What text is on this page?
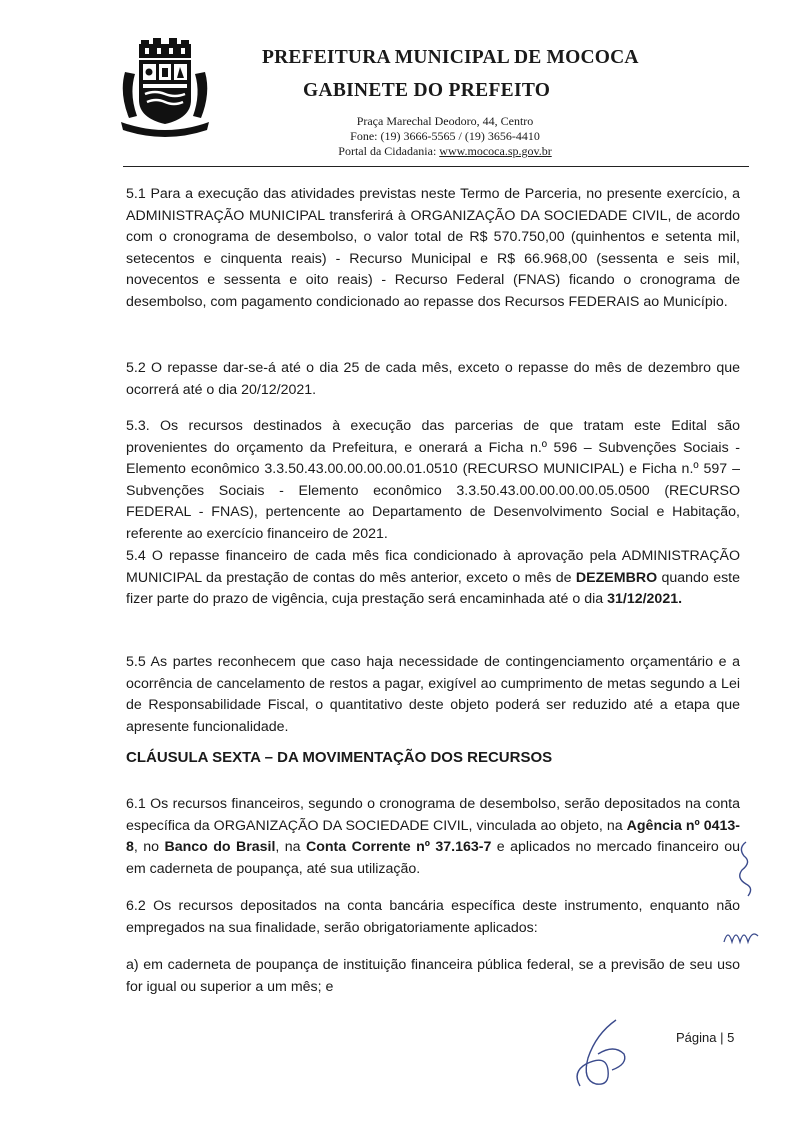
PREFEITURA MUNICIPAL DE MOCOCA
GABINETE DO PREFEITO
Praça Marechal Deodoro, 44, Centro
Fone: (19) 3666-5565 / (19) 3656-4410
Portal da Cidadania: www.mococa.sp.gov.br

5.1 Para a execução das atividades previstas neste Termo de Parceria, no presente exercício, a ADMINISTRAÇÃO MUNICIPAL transferirá à ORGANIZAÇÃO DA SOCIEDADE CIVIL, de acordo com o cronograma de desembolso, o valor total de R$ 570.750,00 (quinhentos e setenta mil, setecentos e cinquenta reais) - Recurso Municipal e R$ 66.968,00 (sessenta e seis mil, novecentos e sessenta e oito reais) - Recurso Federal (FNAS) ficando o cronograma de desembolso, com pagamento condicionado ao repasse dos Recursos FEDERAIS ao Município.

5.2 O repasse dar-se-á até o dia 25 de cada mês, exceto o repasse do mês de dezembro que ocorrerá até o dia 20/12/2021.

5.3. Os recursos destinados à execução das parcerias de que tratam este Edital são provenientes do orçamento da Prefeitura, e onerará a Ficha n.º 596 – Subvenções Sociais - Elemento econômico 3.3.50.43.00.00.00.00.01.0510 (RECURSO MUNICIPAL) e Ficha n.º 597 – Subvenções Sociais - Elemento econômico 3.3.50.43.00.00.00.00.05.0500 (RECURSO FEDERAL - FNAS), pertencente ao Departamento de Desenvolvimento Social e Habitação, referente ao exercício financeiro de 2021.

5.4 O repasse financeiro de cada mês fica condicionado à aprovação pela ADMINISTRAÇÃO MUNICIPAL da prestação de contas do mês anterior, exceto o mês de DEZEMBRO quando este fizer parte do prazo de vigência, cuja prestação será encaminhada até o dia 31/12/2021.

5.5 As partes reconhecem que caso haja necessidade de contingenciamento orçamentário e a ocorrência de cancelamento de restos a pagar, exigível ao cumprimento de metas segundo a Lei de Responsabilidade Fiscal, o quantitativo deste objeto poderá ser reduzido até a etapa que apresente funcionalidade.

CLÁUSULA SEXTA – DA MOVIMENTAÇÃO DOS RECURSOS

6.1 Os recursos financeiros, segundo o cronograma de desembolso, serão depositados na conta específica da ORGANIZAÇÃO DA SOCIEDADE CIVIL, vinculada ao objeto, na Agência nº 0413-8, no Banco do Brasil, na Conta Corrente nº 37.163-7 e aplicados no mercado financeiro ou em caderneta de poupança, até sua utilização.

6.2 Os recursos depositados na conta bancária específica deste instrumento, enquanto não empregados na sua finalidade, serão obrigatoriamente aplicados:

a) em caderneta de poupança de instituição financeira pública federal, se a previsão de seu uso for igual ou superior a um mês; e

Página | 5
